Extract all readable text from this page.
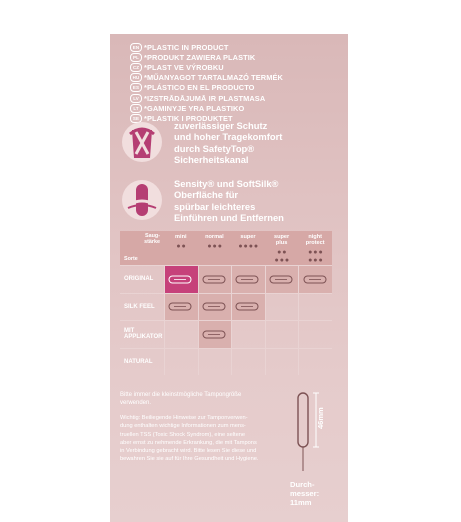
EN *PLASTIC IN PRODUCT
PL *PRODUKT ZAWIERA PLASTIK
CZ *PLAST VE VÝROBKU
HU *MŰANYAGOT TARTALMAZÓ TERMÉK
ES *PLÁSTICO EN EL PRODUCTO
LV *IZSTRĀDĀJUMĀ IR PLASTMASA
LT *GAMINYJE YRA PLASTIKO
SE *PLASTIK I PRODUKTET
zuverlässiger Schutz
und hoher Tragekomfort
durch SafetyTop®
Sicherheitskanal
Sensity® und SoftSilk®
Oberfläche für
spürbar leichteres
Einführen und Entfernen
Saug-
stärke
Sorte
mini
● ●
normal
● ● ●
super
● ● ● ●
super
plus
● ●
● ● ●
night
protect
● ● ●
● ● ●
ORIGINAL
SILK FEEL
MIT
APPLIKATOR
NATURAL
Bitte immer die kleinstmögliche Tampongröße
verwenden.
Wichtig: Beiliegende Hinweise zur Tamponverwen-
dung enthalten wichtige Informationen zum mens-
truellen TSS (Toxic Shock Syndrom), eine seltene
aber ernst zu nehmende Erkrankung, die mit Tampons
in Verbindung gebracht wird. Bitte lesen Sie diese und
bewahren Sie sie auf für Ihre Gesundheit und Hygiene.
46mm
Durch-
messer:
11mm
